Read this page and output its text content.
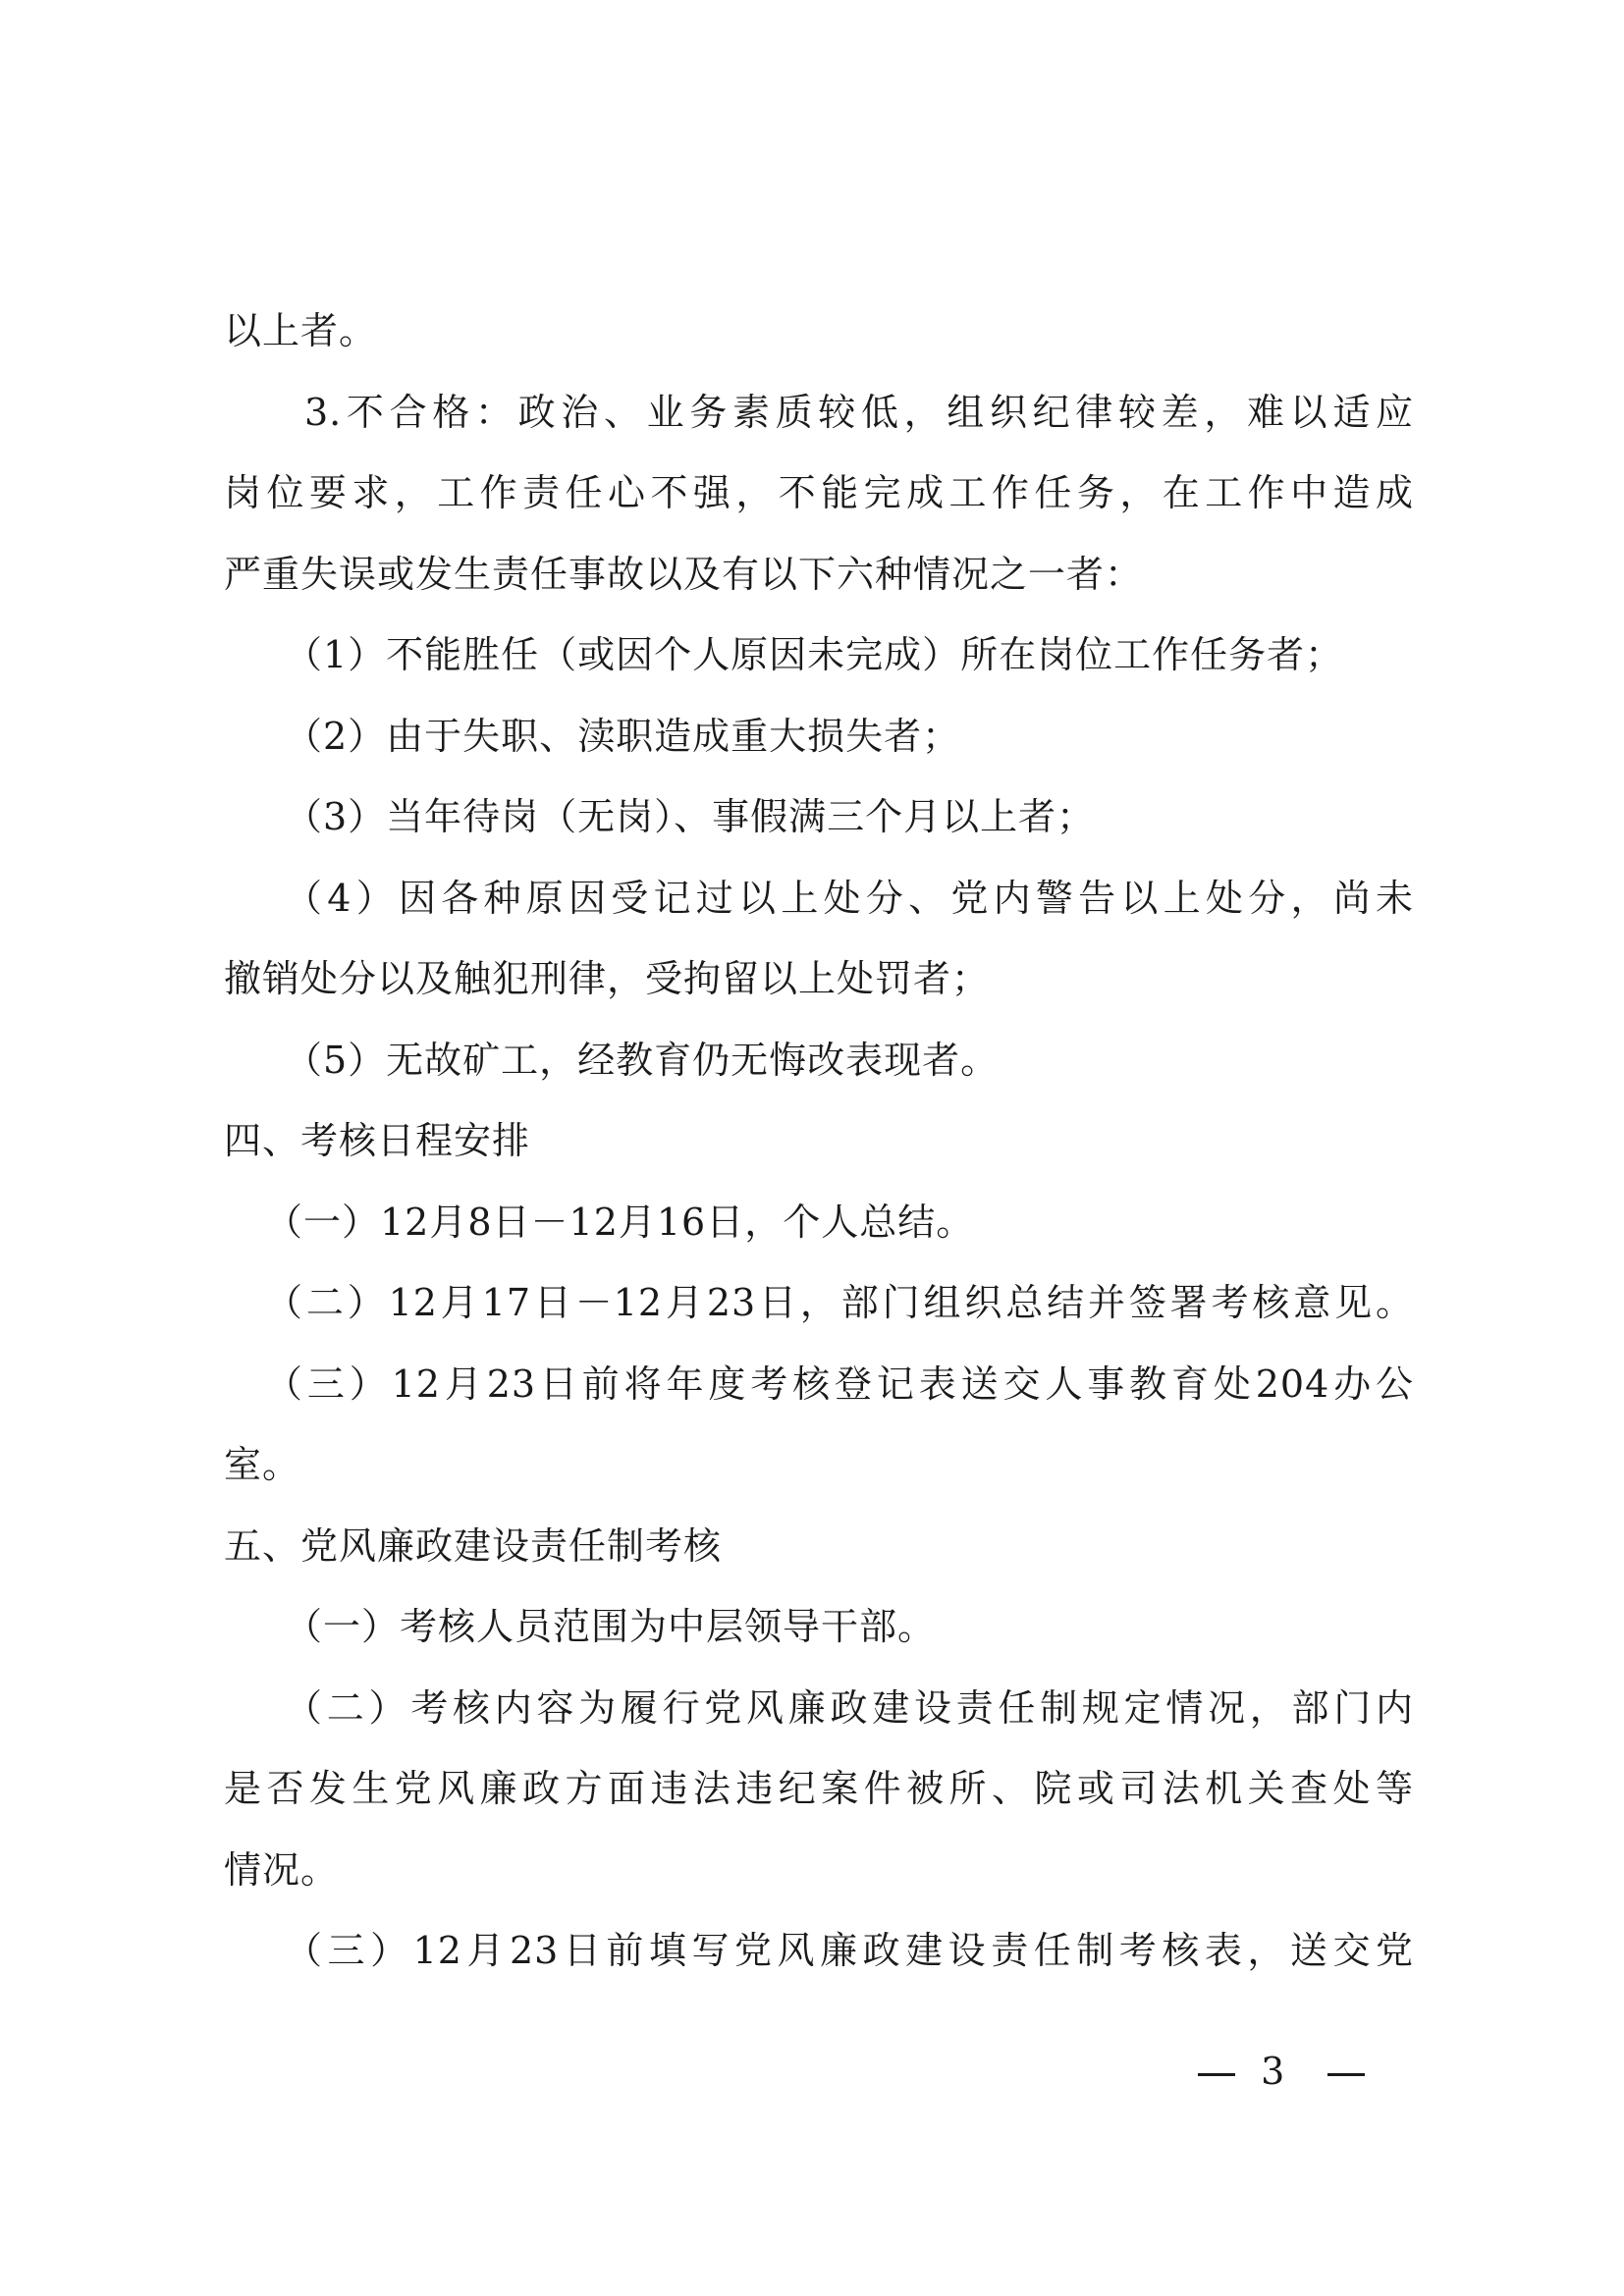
以上者。
3.不合格：政治、业务素质较低，组织纪律较差，难以适应
岗位要求，工作责任心不强，不能完成工作任务，在工作中造成
严重失误或发生责任事故以及有以下六种情况之一者：
（1）不能胜任（或因个人原因未完成）所在岗位工作任务者；
（2）由于失职、渎职造成重大损失者；
（3）当年待岗（无岗）、事假满三个月以上者；
（4）因各种原因受记过以上处分、党内警告以上处分，尚未
撤销处分以及触犯刑律，受拘留以上处罚者；
（5）无故矿工，经教育仍无悔改表现者。
四、考核日程安排
（一）12月8日－12月16日，个人总结。
（二）12月17日－12月23日，部门组织总结并签署考核意见。
（三）12月23日前将年度考核登记表送交人事教育处204办公
室。
五、党风廉政建设责任制考核
（一）考核人员范围为中层领导干部。
（二）考核内容为履行党风廉政建设责任制规定情况，部门内
是否发生党风廉政方面违法违纪案件被所、院或司法机关查处等
情况。
（三）12月23日前填写党风廉政建设责任制考核表，送交党
3
